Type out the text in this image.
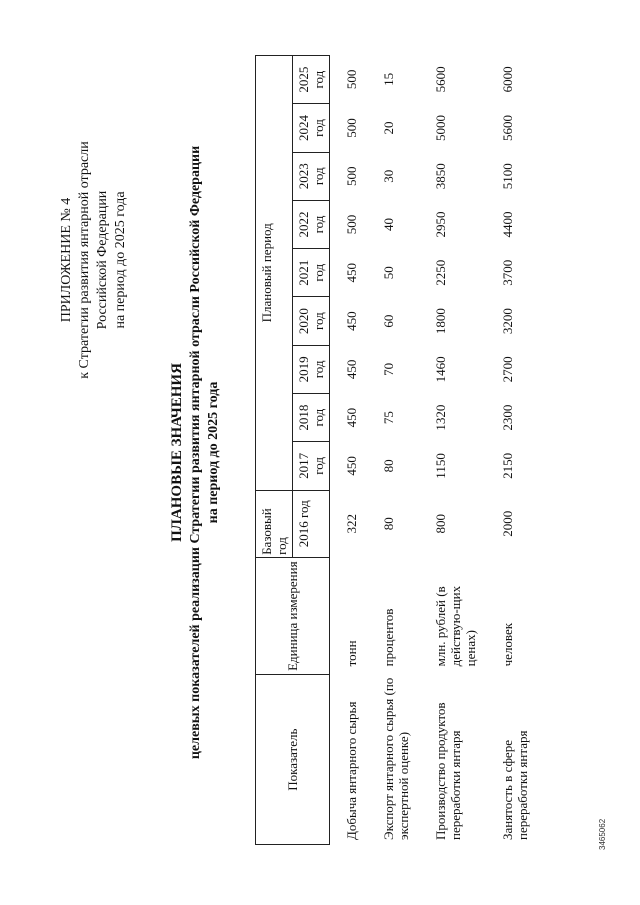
ПРИЛОЖЕНИЕ № 4 к Стратегии развития янтарной отрасли Российской Федерации на период до 2025 года
ПЛАНОВЫЕ ЗНАЧЕНИЯ целевых показателей реализации Стратегии развития янтарной отрасли Российской Федерации на период до 2025 года
Показатель	Единица измерения	Базовый год	Плановый период								
		2016 год	2017 год	2018 год	2019 год	2020 год	2021 год	2022 год	2023 год	2024 год	2025 год
Добыча янтарного сырья	тонн	322	450	450	450	450	450	500	500	500	500
Экспорт янтарного сырья (по экспертной оценке)	процентов	80	80	75	70	60	50	40	30	20	15
Производство продуктов переработки янтаря	млн. рублей (в действую-щих ценах)	800	1150	1320	1460	1800	2250	2950	3850	5000	5600
Занятость в сфере переработки янтаря	человек	2000	2150	2300	2700	3200	3700	4400	5100	5600	6000
3465062
